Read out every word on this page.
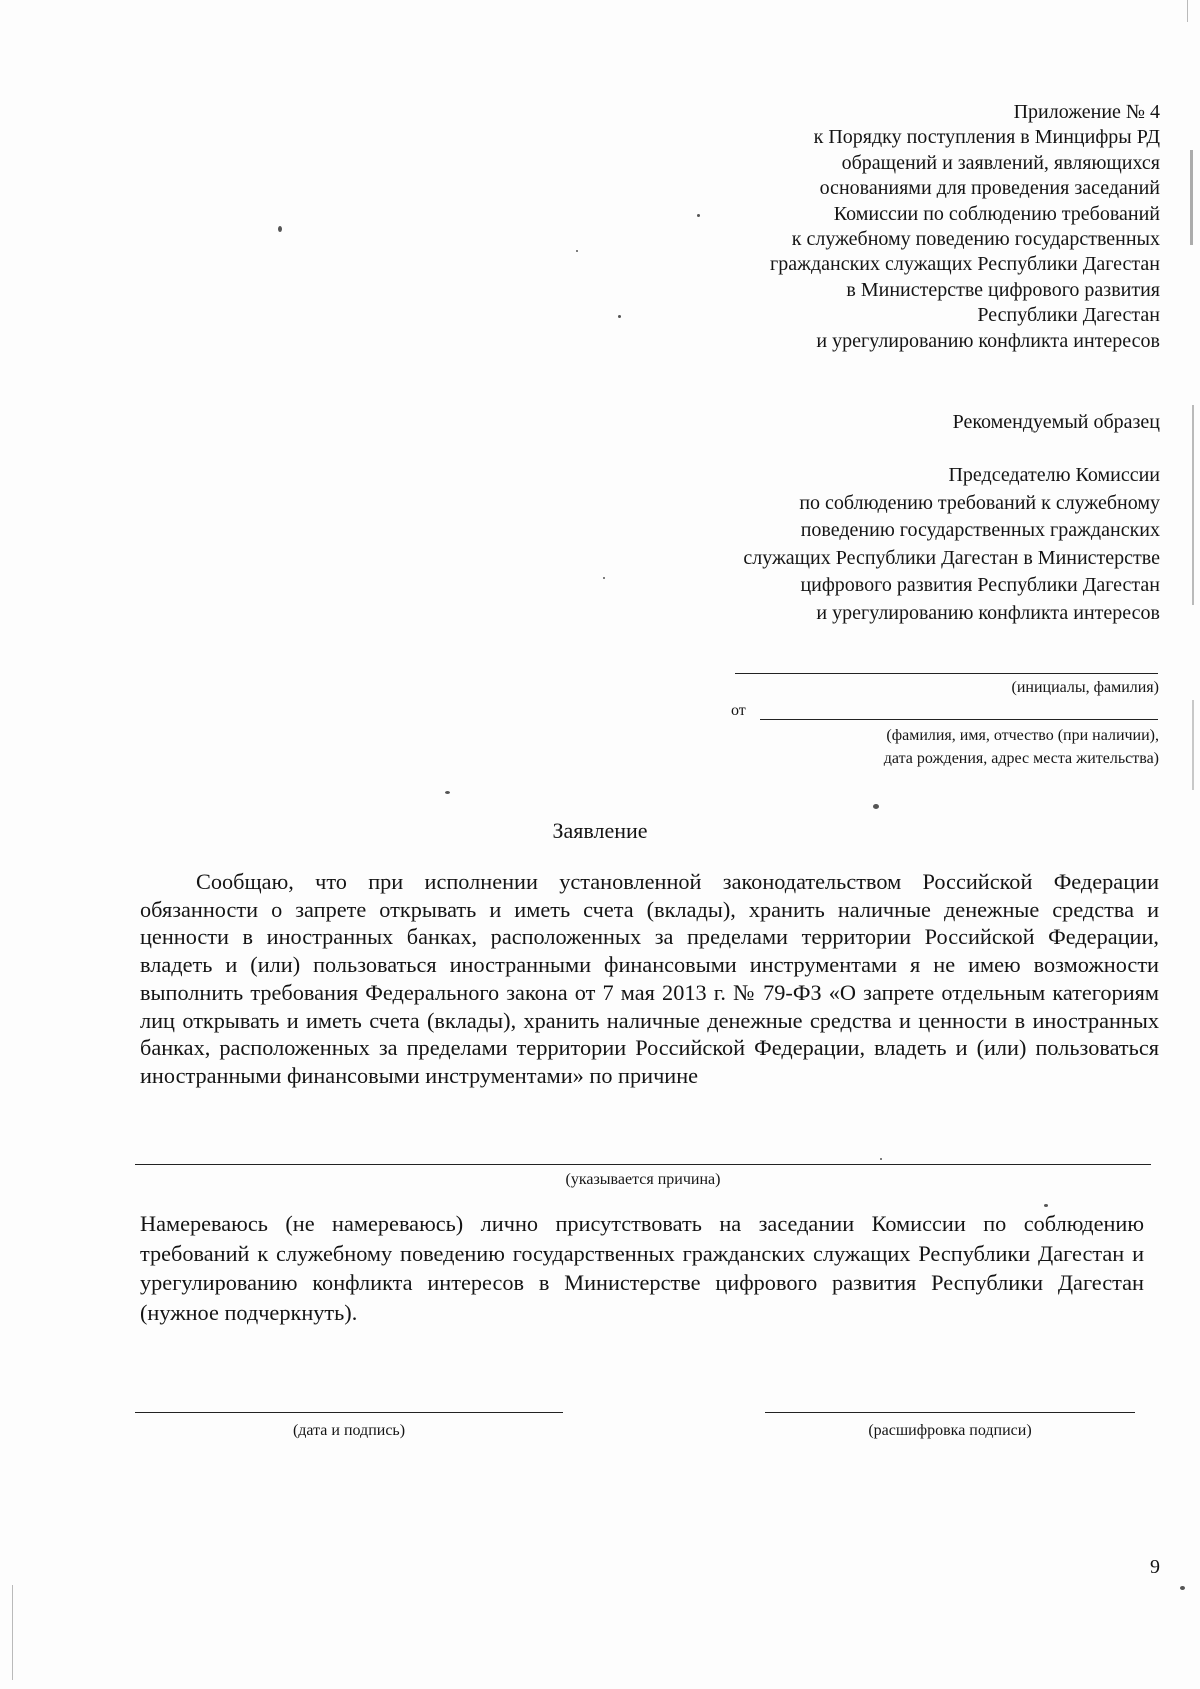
Приложение № 4
к Порядку поступления в Минцифры РД
обращений и заявлений, являющихся
основаниями для проведения заседаний
Комиссии по соблюдению требований
к служебному поведению государственных
гражданских служащих Республики Дагестан
в Министерстве цифрового развития
Республики Дагестан
и урегулированию конфликта интересов
Рекомендуемый образец
Председателю Комиссии
по соблюдению требований к служебному
поведению государственных гражданских
служащих Республики Дагестан в Министерстве
цифрового развития Республики Дагестан
и урегулированию конфликта интересов
(инициалы, фамилия)
от
(фамилия, имя, отчество (при наличии),
дата рождения, адрес места жительства)
Заявление
Сообщаю, что при исполнении установленной законодательством Российской Федерации обязанности о запрете открывать и иметь счета (вклады), хранить наличные денежные средства и ценности в иностранных банках, расположенных за пределами территории Российской Федерации, владеть и (или) пользоваться иностранными финансовыми инструментами я не имею возможности выполнить требования Федерального закона от 7 мая 2013 г. № 79-ФЗ «О запрете отдельным категориям лиц открывать и иметь счета (вклады), хранить наличные денежные средства и ценности в иностранных банках, расположенных за пределами территории Российской Федерации, владеть и (или) пользоваться иностранными финансовыми инструментами» по причине
(указывается причина)
Намереваюсь (не намереваюсь) лично присутствовать на заседании Комиссии по соблюдению требований к служебному поведению государственных гражданских служащих Республики Дагестан и урегулированию конфликта интересов в Министерстве цифрового развития Республики Дагестан (нужное подчеркнуть).
(дата и подпись)	(расшифровка подписи)
9
